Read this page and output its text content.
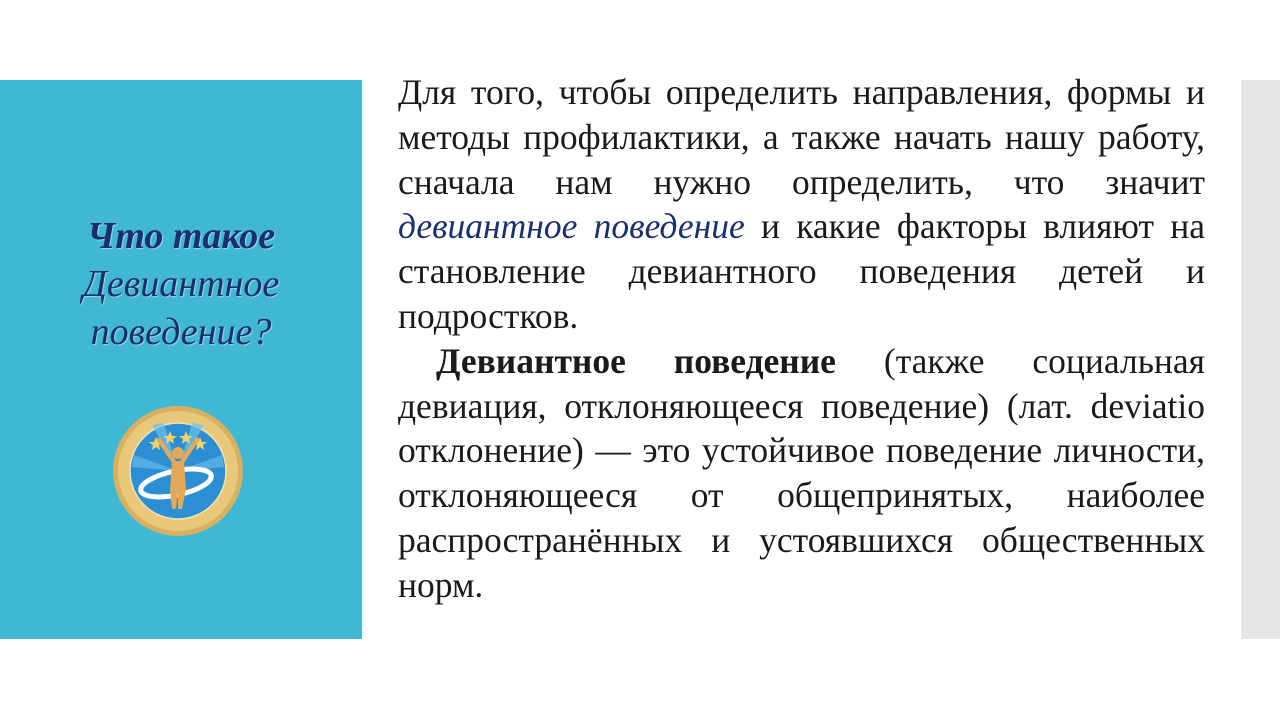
Что такое
Девиантное
поведение?

Для того, чтобы определить направления, формы и методы профилактики, а также начать нашу работу, сначала нам нужно определить, что значит девиантное поведение и какие факторы влияют на становление девиантного поведения детей и подростков.

Девиантное поведение (также социальная девиация, отклоняющееся поведение) (лат. deviatio отклонение) — это устойчивое поведение личности, отклоняющееся от общепринятых, наиболее распространённых и устоявшихся общественных норм.
